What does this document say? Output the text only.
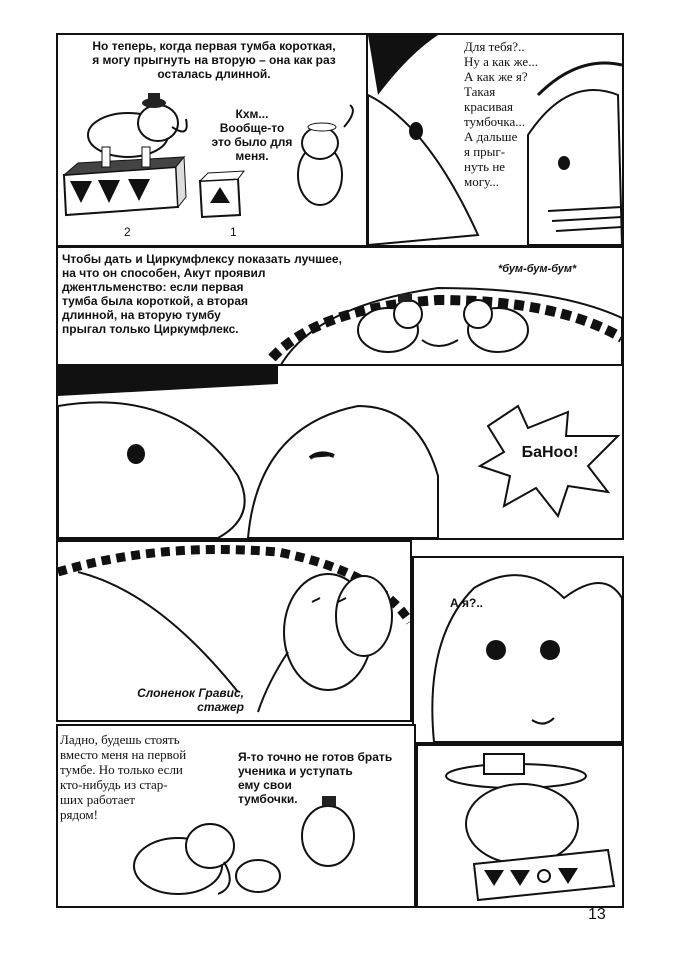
Но теперь, когда первая тумба короткая,
я могу прыгнуть на вторую – она как раз
осталась длинной.
Кхм...
Вообще-то
это было для
меня.
2	1
Для тебя?..
Ну а как же...
А как же я?
Такая
красивая
тумбочка...
А дальше
я прыг-
нуть не
могу...
Чтобы дать и Циркумфлексу показать лучшее,
на что он способен, Акут проявил
джентльменство: если первая
тумба была короткой, а вторая
длинной, на вторую тумбу
прыгал только Циркумфлекс.
*бум-бум-бум*
БаНоо!
Слоненок Гравис,
стажер
А я?..
Ладно, будешь стоять
вместо меня на первой
тумбе. Но только если
кто-нибудь из стар-
ших работает
рядом!
Я-то точно не готов брать
ученика и уступать
ему свои
тумбочки.
13
